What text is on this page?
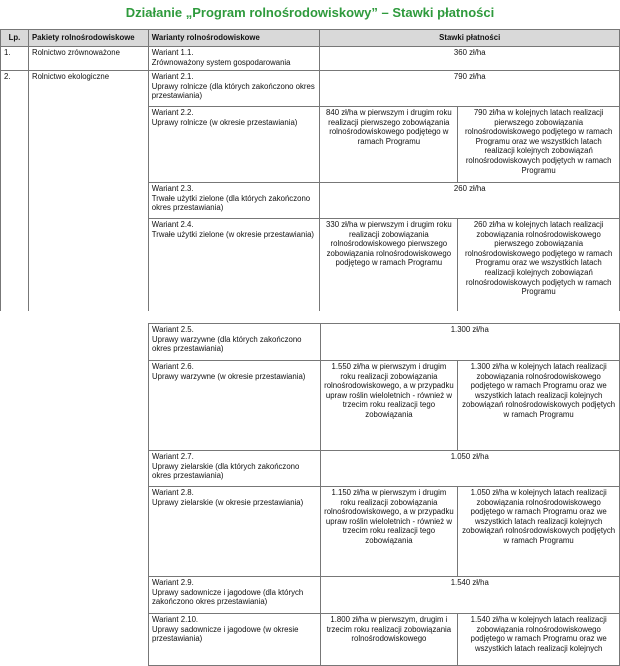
Działanie „Program rolnośrodowiskowy” – Stawki płatności
Lp.	Pakiety rolnośrodowiskowe	Warianty rolnośrodowiskowe	Stawki płatności	
1.	Rolnictwo zrównoważone	Wariant 1.1.
Zrównoważony system gospodarowania	360 zł/ha	
2.	Rolnictwo ekologiczne	Wariant 2.1.
Uprawy rolnicze (dla których zakończono okres przestawiania)	790 zł/ha	

		Wariant 2.2.
Uprawy rolnicze (w okresie przestawiania)	840 zł/ha w pierwszym i drugim roku realizacji pierwszego zobowiązania rolnośrodowiskowego podjętego w ramach Programu	790 zł/ha w kolejnych latach realizacji pierwszego zobowiązania rolnośrodowiskowego podjętego w ramach Programu oraz we wszystkich latach realizacji kolejnych zobowiązań rolnośrodowiskowych podjętych w ramach Programu

		Wariant 2.3.
Trwałe użytki zielone (dla których zakończono okres przestawiania)	260 zł/ha	

		Wariant 2.4.
Trwałe użytki zielone (w okresie przestawiania)	330 zł/ha w pierwszym i drugim roku realizacji zobowiązania rolnośrodowiskowego pierwszego zobowiązania rolnośrodowiskowego podjętego w ramach Programu	260 zł/ha w kolejnych latach realizacji zobowiązania rolnośrodowiskowego pierwszego zobowiązania rolnośrodowiskowego podjętego w ramach Programu oraz we wszystkich latach realizacji kolejnych zobowiązań rolnośrodowiskowych podjętych w ramach Programu
Wariant 2.5.
Uprawy warzywne (dla których zakończono okres przestawiania)	1.300 zł/ha	

Wariant 2.6.
Uprawy warzywne (w okresie przestawiania)	1.550 zł/ha w pierwszym i drugim roku realizacji zobowiązania rolnośrodowiskowego, a w przypadku upraw roślin wieloletnich - również w trzecim roku realizacji tego zobowiązania	1.300 zł/ha w kolejnych latach realizacji zobowiązania rolnośrodowiskowego podjętego w ramach Programu oraz we wszystkich latach realizacji kolejnych zobowiązań rolnośrodowiskowych podjętych w ramach Programu

Wariant 2.7.
Uprawy zielarskie (dla których zakończono okres przestawiania)	1.050 zł/ha	

Wariant 2.8.
Uprawy zielarskie (w okresie przestawiania)	1.150 zł/ha w pierwszym i drugim roku realizacji zobowiązania rolnośrodowiskowego, a w przypadku upraw roślin wieloletnich - również w trzecim roku realizacji tego zobowiązania	1.050 zł/ha w kolejnych latach realizacji zobowiązania rolnośrodowiskowego podjętego w ramach Programu oraz we wszystkich latach realizacji kolejnych zobowiązań rolnośrodowiskowych podjętych w ramach Programu

Wariant 2.9.
Uprawy sadownicze i jagodowe (dla których zakończono okres przestawiania)	1.540 zł/ha	

Wariant 2.10.
Uprawy sadownicze i jagodowe (w okresie przestawiania)	1.800 zł/ha w pierwszym, drugim i trzecim roku realizacji zobowiązania rolnośrodowiskowego	1.540 zł/ha w kolejnych latach realizacji zobowiązania rolnośrodowiskowego podjętego w ramach Programu oraz we wszystkich latach realizacji kolejnych
